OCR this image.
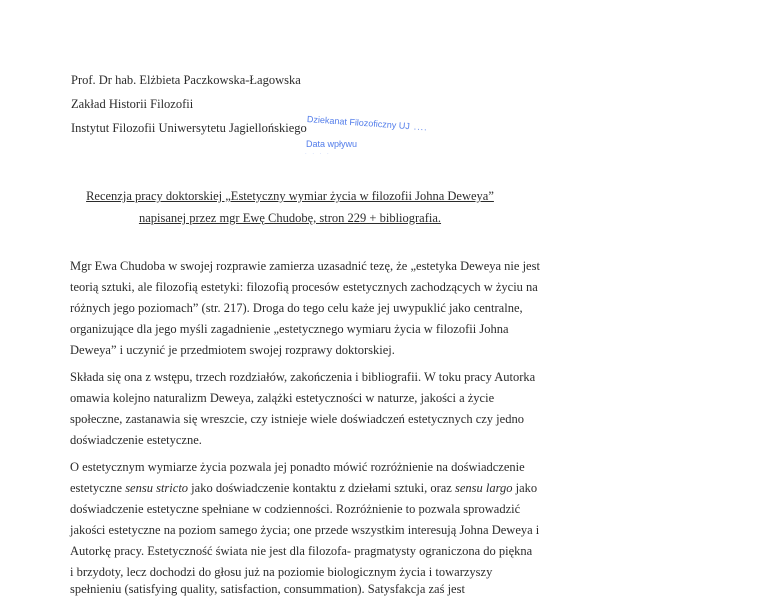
Prof. Dr hab. Elżbieta Paczkowska-Łagowska
Zakład Historii Filozofii
Instytut Filozofii Uniwersytetu Jagiellońskiego Dziekanat Filozoficzny UJ ....
Data wpływu
. . . .
Recenzja pracy doktorskiej „Estetyczny wymiar życia w filozofii Johna Deweya”
napisanej przez mgr Ewę Chudobę, stron 229 + bibliografia.
Mgr Ewa Chudoba w swojej rozprawie zamierza uzasadnić tezę, że „estetyka Deweya nie jest
teorią sztuki, ale filozofią estetyki: filozofią procesów estetycznych zachodzących w życiu na
różnych jego poziomach” (str. 217). Droga do tego celu każe jej uwypuklić jako centralne,
organizujące dla jego myśli zagadnienie „estetycznego wymiaru życia w filozofii Johna
Deweya” i uczynić je przedmiotem swojej rozprawy doktorskiej.
Składa się ona z wstępu, trzech rozdziałów, zakończenia i bibliografii. W toku pracy Autorka
omawia kolejno naturalizm Deweya, zalążki estetyczności w naturze, jakości a życie
społeczne, zastanawia się wreszcie, czy istnieje wiele doświadczeń estetycznych czy jedno
doświadczenie estetyczne.
O estetycznym wymiarze życia pozwala jej ponadto mówić rozróżnienie na doświadczenie
estetyczne sensu stricto jako doświadczenie kontaktu z dziełami sztuki, oraz sensu largo jako
doświadczenie estetyczne spełniane w codzienności. Rozróżnienie to pozwala sprowadzić
jakości estetyczne na poziom samego życia; one przede wszystkim interesują Johna Deweya i
Autorkę pracy. Estetyczność świata nie jest dla filozofa- pragmatysty ograniczona do piękna
i brzydoty, lecz dochodzi do głosu już na poziomie biologicznym życia i towarzyszy
spełnieniu (satisfying quality, satisfaction, consummation). Satysfakcja zaś jest
